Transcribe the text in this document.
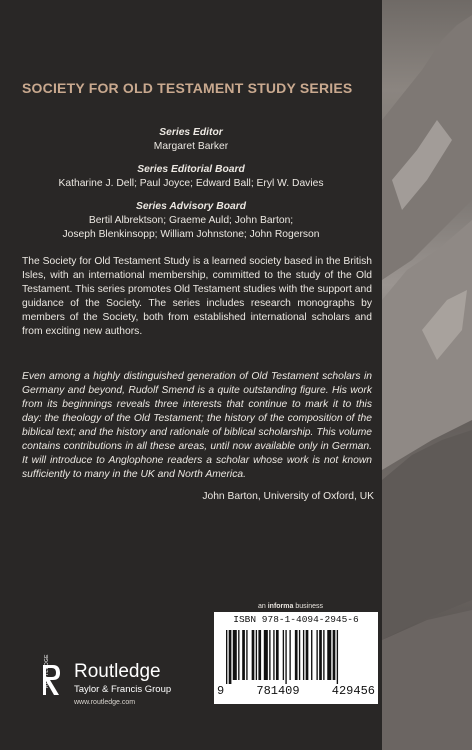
SOCIETY FOR OLD TESTAMENT STUDY SERIES
Series Editor
Margaret Barker
Series Editorial Board
Katharine J. Dell; Paul Joyce; Edward Ball; Eryl W. Davies
Series Advisory Board
Bertil Albrektson; Graeme Auld; John Barton;
Joseph Blenkinsopp; William Johnstone; John Rogerson
The Society for Old Testament Study is a learned society based in the British Isles, with an international membership, committed to the study of the Old Testament. This series promotes Old Testament studies with the support and guidance of the Society. The series includes research monographs by members of the Society, both from established international scholars and from exciting new authors.
Even among a highly distinguished generation of Old Testament scholars in Germany and beyond, Rudolf Smend is a quite outstanding figure. His work from its beginnings reveals three interests that continue to mark it to this day: the theology of the Old Testament; the history of the composition of the biblical text; and the history and rationale of biblical scholarship. This volume contains contributions in all these areas, until now available only in German. It will introduce to Anglophone readers a scholar whose work is not known sufficiently to many in the UK and North America.
John Barton, University of Oxford, UK
an informa business
ISBN 978-1-4094-2945-6
9	781409	429456
ROUTLEDGE Routledge
Taylor & Francis Group
www.routledge.com
